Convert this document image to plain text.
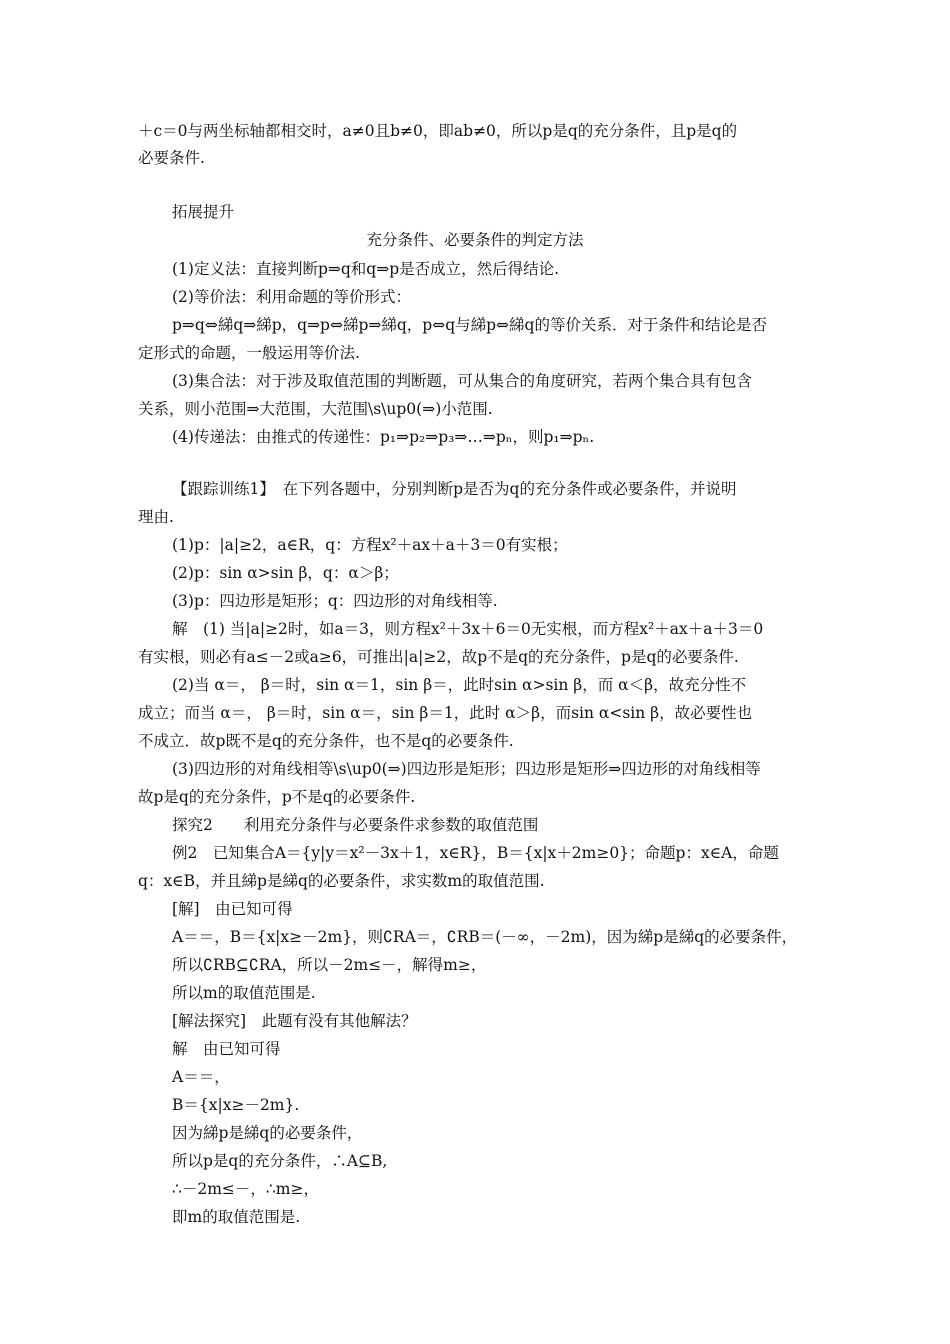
＋c＝0与两坐标轴都相交时，a≠0且b≠0，即ab≠0，所以p是q的充分条件，且p是q的
必要条件.
拓展提升
充分条件、必要条件的判定方法
(1)定义法：直接判断p⇒q和q⇒p是否成立，然后得结论.
(2)等价法：利用命题的等价形式：
p⇒q⇔綈q⇒綈p，q⇒p⇔綈p⇒綈q，p⇔q与綈p⇔綈q的等价关系．对于条件和结论是否
定形式的命题，一般运用等价法.
(3)集合法：对于涉及取值范围的判断题，可从集合的角度研究，若两个集合具有包含
关系，则小范围⇒大范围，大范围\s\up0(⇒)小范围.
(4)传递法：由推式的传递性：p₁⇒p₂⇒p₃⇒…⇒pₙ，则p₁⇒pₙ.
【跟踪训练1】　在下列各题中，分别判断p是否为q的充分条件或必要条件，并说明
理由.
(1)p：|a|≥2，a∈R，q：方程x²＋ax＋a＋3＝0有实根；
(2)p：sin α>sin β，q：α＞β；
(3)p：四边形是矩形；q：四边形的对角线相等.
解　(1) 当|a|≥2时，如a＝3，则方程x²＋3x＋6＝0无实根，而方程x²＋ax＋a＋3＝0
有实根，则必有a≤－2或a≥6，可推出|a|≥2，故p不是q的充分条件，p是q的必要条件.
(2)当 α＝， β＝时，sin α＝1，sin β＝，此时sin α>sin β，而 α＜β，故充分性不
成立；而当 α＝， β＝时，sin α＝，sin β＝1，此时 α＞β，而sin α<sin β，故必要性也
不成立．故p既不是q的充分条件，也不是q的必要条件.
(3)四边形的对角线相等\s\up0(⇒)四边形是矩形；四边形是矩形⇒四边形的对角线相等
故p是q的充分条件，p不是q的必要条件.
探究2　　利用充分条件与必要条件求参数的取值范围
例2　已知集合A＝{y|y＝x²－3x＋1，x∈R}，B＝{x|x＋2m≥0}；命题p：x∈A，命题
q：x∈B，并且綈p是綈q的必要条件，求实数m的取值范围.
[解]　由已知可得
A＝＝，B＝{x|x≥－2m}，则∁RA＝，∁RB＝(－∞，－2m)，因为綈p是綈q的必要条件，
所以∁RB⊆∁RA，所以－2m≤－，解得m≥，
所以m的取值范围是.
[解法探究]　此题有没有其他解法？
解　由已知可得
A＝＝，
B＝{x|x≥－2m}.
因为綈p是綈q的必要条件，
所以p是q的充分条件，∴A⊆B,
∴－2m≤－，∴m≥，
即m的取值范围是.
